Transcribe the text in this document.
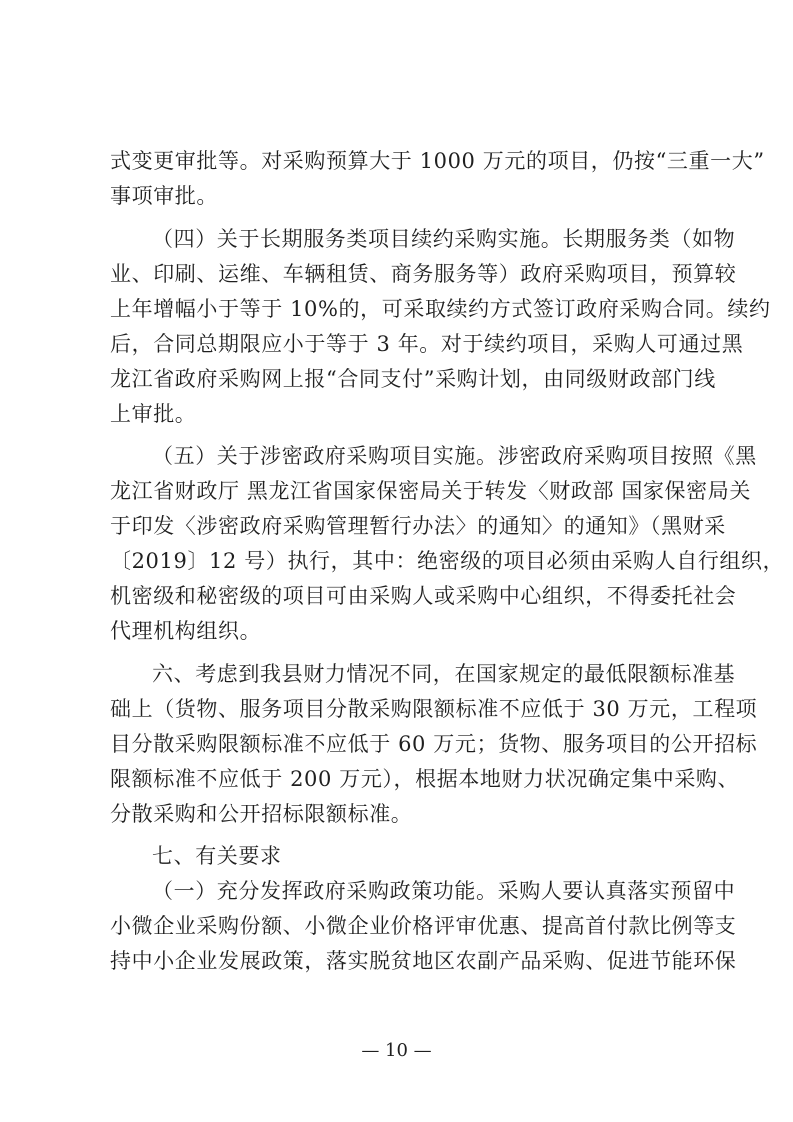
式变更审批等。对采购预算大于 1000 万元的项目，仍按“三重一大”
事项审批。
（四）关于长期服务类项目续约采购实施。长期服务类（如物
业、印刷、运维、车辆租赁、商务服务等）政府采购项目，预算较
上年增幅小于等于 10%的，可采取续约方式签订政府采购合同。续约
后，合同总期限应小于等于 3 年。对于续约项目，采购人可通过黑
龙江省政府采购网上报“合同支付”采购计划，由同级财政部门线
上审批。
（五）关于涉密政府采购项目实施。涉密政府采购项目按照《黑
龙江省财政厅 黑龙江省国家保密局关于转发〈财政部 国家保密局关
于印发〈涉密政府采购管理暂行办法〉的通知〉的通知》（黑财采
〔2019〕12 号）执行，其中：绝密级的项目必须由采购人自行组织，
机密级和秘密级的项目可由采购人或采购中心组织，不得委托社会
代理机构组织。
六、考虑到我县财力情况不同，在国家规定的最低限额标准基
础上（货物、服务项目分散采购限额标准不应低于 30 万元，工程项
目分散采购限额标准不应低于 60 万元；货物、服务项目的公开招标
限额标准不应低于 200 万元），根据本地财力状况确定集中采购、
分散采购和公开招标限额标准。
七、有关要求
（一）充分发挥政府采购政策功能。采购人要认真落实预留中
小微企业采购份额、小微企业价格评审优惠、提高首付款比例等支
持中小企业发展政策，落实脱贫地区农副产品采购、促进节能环保
— 10 —
